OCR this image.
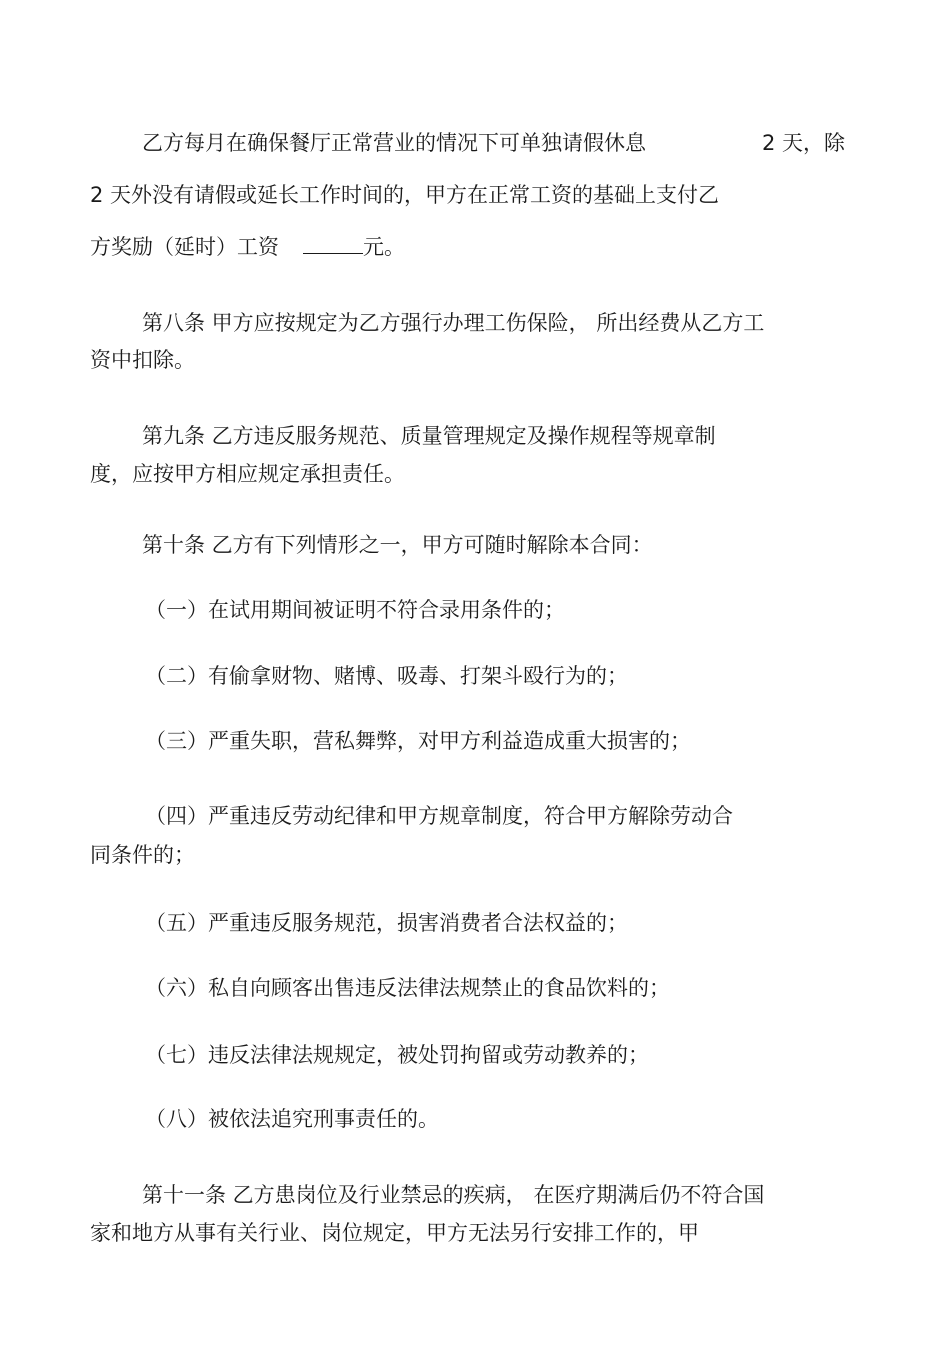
乙方每月在确保餐厅正常营业的情况下可单独请假休息	2 天，除
2 天外没有请假或延长工作时间的，甲方在正常工资的基础上支付乙
方奖励（延时）工资	元。
第八条 甲方应按规定为乙方强行办理工伤保险， 所出经费从乙方工
资中扣除。
第九条 乙方违反服务规范、质量管理规定及操作规程等规章制
度，应按甲方相应规定承担责任。
第十条 乙方有下列情形之一，甲方可随时解除本合同：
（一）在试用期间被证明不符合录用条件的；
（二）有偷拿财物、赌博、吸毒、打架斗殴行为的；
（三）严重失职，营私舞弊，对甲方利益造成重大损害的；
（四）严重违反劳动纪律和甲方规章制度，符合甲方解除劳动合
同条件的；
（五）严重违反服务规范，损害消费者合法权益的；
（六）私自向顾客出售违反法律法规禁止的食品饮料的；
（七）违反法律法规规定，被处罚拘留或劳动教养的；
（八）被依法追究刑事责任的。
第十一条 乙方患岗位及行业禁忌的疾病， 在医疗期满后仍不符合国
家和地方从事有关行业、岗位规定，甲方无法另行安排工作的，甲
